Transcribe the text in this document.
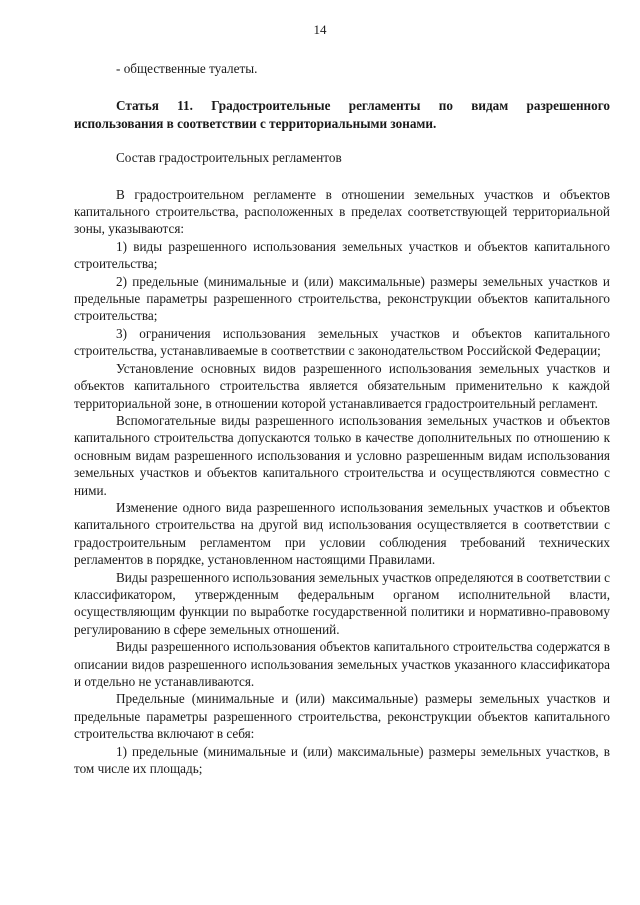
14

- общественные туалеты.

Статья 11. Градостроительные регламенты по видам разрешенного использования в соответствии с территориальными зонами.

Состав градостроительных регламентов

В градостроительном регламенте в отношении земельных участков и объектов капитального строительства, расположенных в пределах соответствующей территориальной зоны, указываются:

1) виды разрешенного использования земельных участков и объектов капитального строительства;

2) предельные (минимальные и (или) максимальные) размеры земельных участков и предельные параметры разрешенного строительства, реконструкции объектов капитального строительства;

3) ограничения использования земельных участков и объектов капитального строительства, устанавливаемые в соответствии с законодательством Российской Федерации;

Установление основных видов разрешенного использования земельных участков и объектов капитального строительства является обязательным применительно к каждой территориальной зоне, в отношении которой устанавливается градостроительный регламент.

Вспомогательные виды разрешенного использования земельных участков и объектов капитального строительства допускаются только в качестве дополнительных по отношению к основным видам разрешенного использования и условно разрешенным видам использования земельных участков и объектов капитального строительства и осуществляются совместно с ними.

Изменение одного вида разрешенного использования земельных участков и объектов капитального строительства на другой вид использования осуществляется в соответствии с градостроительным регламентом при условии соблюдения требований технических регламентов в порядке, установленном настоящими Правилами.

Виды разрешенного использования земельных участков определяются в соответствии с классификатором, утвержденным федеральным органом исполнительной власти, осуществляющим функции по выработке государственной политики и нормативно-правовому регулированию в сфере земельных отношений.

Виды разрешенного использования объектов капитального строительства содержатся в описании видов разрешенного использования земельных участков указанного классификатора и отдельно не устанавливаются.

Предельные (минимальные и (или) максимальные) размеры земельных участков и предельные параметры разрешенного строительства, реконструкции объектов капитального строительства включают в себя:

1) предельные (минимальные и (или) максимальные) размеры земельных участков, в том числе их площадь;
